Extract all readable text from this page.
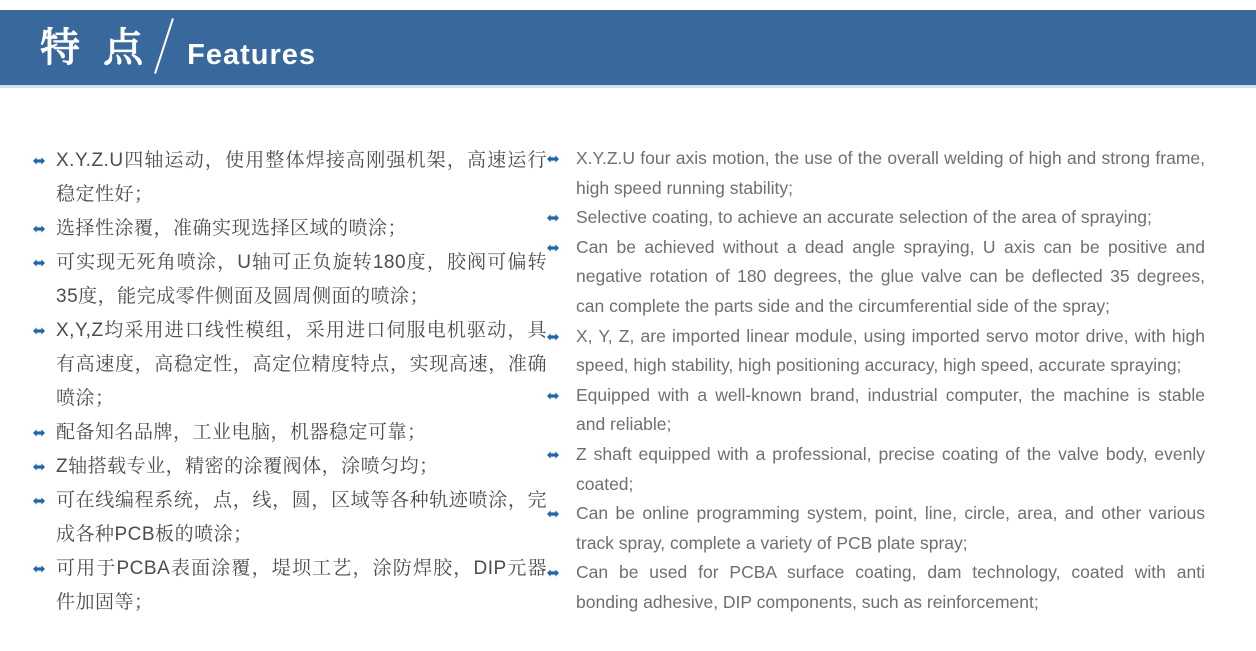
特 点 Features
X.Y.Z.U四轴运动，使用整体焊接高刚强机架，高速运行稳定性好；
选择性涂覆，准确实现选择区域的喷涂；
可实现无死角喷涂，U轴可正负旋转180度，胶阀可偏转35度，能完成零件侧面及圆周侧面的喷涂；
X,Y,Z均采用进口线性模组，采用进口伺服电机驱动，具有高速度，高稳定性，高定位精度特点，实现高速，准确喷涂；
配备知名品牌，工业电脑，机器稳定可靠；
Z轴搭载专业，精密的涂覆阀体，涂喷匀均；
可在线编程系统，点，线，圆，区域等各种轨迹喷涂，完成各种PCB板的喷涂；
可用于PCBA表面涂覆，堤坝工艺，涂防焊胶，DIP元器件加固等；
X.Y.Z.U four axis motion, the use of the overall welding of high and strong frame, high speed running stability;
Selective coating, to achieve an accurate selection of the area of spraying;
Can be achieved without a dead angle spraying, U axis can be positive and negative rotation of 180 degrees, the glue valve can be deflected 35 degrees, can complete the parts side and the circumferential side of the spray;
X, Y, Z, are imported linear module, using imported servo motor drive, with high speed, high stability, high positioning accuracy, high speed, accurate spraying;
Equipped with a well-known brand, industrial computer, the machine is stable and reliable;
Z shaft equipped with a professional, precise coating of the valve body, evenly coated;
Can be online programming system, point, line, circle, area, and other various track spray, complete a variety of PCB plate spray;
Can be used for PCBA surface coating, dam technology, coated with anti bonding adhesive, DIP components, such as reinforcement;
